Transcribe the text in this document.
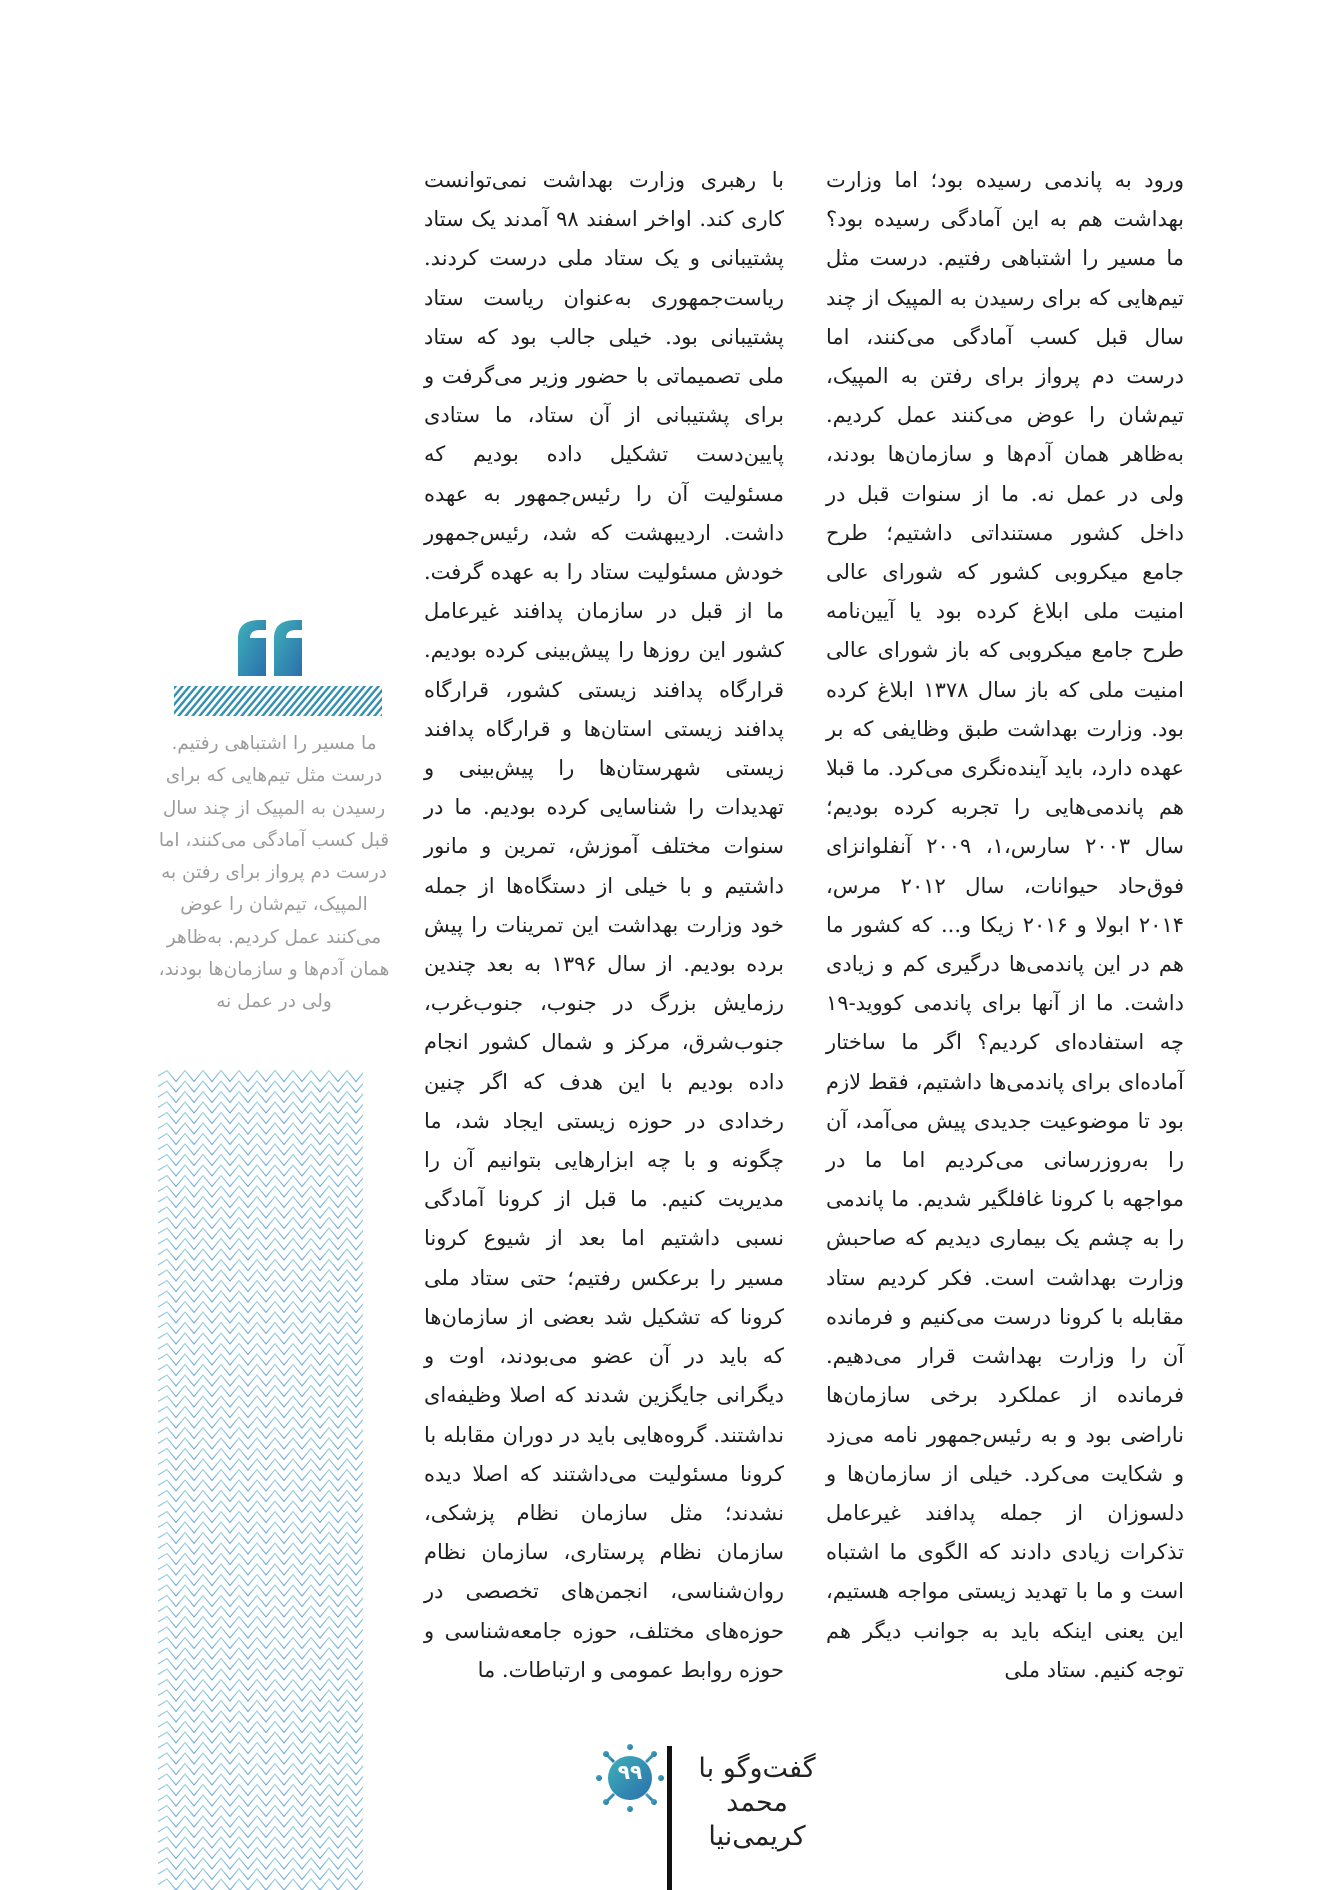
ورود به پاندمی رسیده بود؛ اما وزارت بهداشت هم به این آمادگی رسیده بود؟ ما مسیر را اشتباهی رفتیم. درست مثل تیم‌هایی که برای رسیدن به المپیک از چند سال قبل کسب آمادگی می‌کنند، اما درست دم پرواز برای رفتن به المپیک، تیم‌شان را عوض می‌کنند عمل کردیم. به‌ظاهر همان آدم‌ها و سازمان‌ها بودند، ولی در عمل نه. ما از سنوات قبل در داخل کشور مستنداتی داشتیم؛ طرح جامع میکروبی کشور که شورای عالی امنیت ملی ابلاغ کرده بود یا آیین‌نامه طرح جامع میکروبی که باز شورای عالی امنیت ملی که باز سال ۱۳۷۸ ابلاغ کرده بود. وزارت بهداشت طبق وظایفی که بر عهده دارد، باید آینده‌نگری می‌کرد. ما قبلا هم پاندمی‌هایی را تجربه کرده بودیم؛ سال ۲۰۰۳ سارس،۱، ۲۰۰۹ آنفلوانزای فوق‌حاد حیوانات، سال ۲۰۱۲ مرس، ۲۰۱۴ ابولا و ۲۰۱۶ زیکا و... که کشور ما هم در این پاندمی‌ها درگیری کم و زیادی داشت. ما از آنها برای پاندمی کووید-۱۹ چه استفاده‌ای کردیم؟ اگر ما ساختار آماده‌ای برای پاندمی‌ها داشتیم، فقط لازم بود تا موضوعیت جدیدی پیش می‌آمد، آن را به‌روزرسانی می‌کردیم اما ما در مواجهه با کرونا غافلگیر شدیم. ما پاندمی را به چشم یک بیماری دیدیم که صاحبش وزارت بهداشت است. فکر کردیم ستاد مقابله با کرونا درست می‌کنیم و فرمانده آن را وزارت بهداشت قرار می‌دهیم. فرمانده از عملکرد برخی سازمان‌ها ناراضی بود و به رئیس‌جمهور نامه می‌زد و شکایت می‌کرد. خیلی از سازمان‌ها و دلسوزان از جمله پدافند غیرعامل تذکرات زیادی دادند که الگوی ما اشتباه است و ما با تهدید زیستی مواجه هستیم، این یعنی اینکه باید به جوانب دیگر هم توجه کنیم. ستاد ملی

با رهبری وزارت بهداشت نمی‌توانست کاری کند. اواخر اسفند ۹۸ آمدند یک ستاد پشتیبانی و یک ستاد ملی درست کردند. ریاست‌جمهوری به‌عنوان ریاست ستاد پشتیبانی بود. خیلی جالب بود که ستاد ملی تصمیماتی با حضور وزیر می‌گرفت و برای پشتیبانی از آن ستاد، ما ستادی پایین‌دست تشکیل داده بودیم که مسئولیت آن را رئیس‌جمهور به عهده داشت. اردیبهشت که شد، رئیس‌جمهور خودش مسئولیت ستاد را به عهده گرفت. ما از قبل در سازمان پدافند غیرعامل کشور این روزها را پیش‌بینی کرده بودیم. قرارگاه پدافند زیستی کشور، قرارگاه پدافند زیستی استان‌ها و قرارگاه پدافند زیستی شهرستان‌ها را پیش‌بینی و تهدیدات را شناسایی کرده بودیم. ما در سنوات مختلف آموزش، تمرین و مانور داشتیم و با خیلی از دستگاه‌ها از جمله خود وزارت بهداشت این تمرینات را پیش برده بودیم. از سال ۱۳۹۶ به بعد چندین رزمایش بزرگ در جنوب، جنوب‌غرب، جنوب‌شرق، مرکز و شمال کشور انجام داده بودیم با این هدف که اگر چنین رخدادی در حوزه زیستی ایجاد شد، ما چگونه و با چه ابزارهایی بتوانیم آن را مدیریت کنیم. ما قبل از کرونا آمادگی نسبی داشتیم اما بعد از شیوع کرونا مسیر را برعکس رفتیم؛ حتی ستاد ملی کرونا که تشکیل شد بعضی از سازمان‌ها که باید در آن عضو می‌بودند، اوت و دیگرانی جایگزین شدند که اصلا وظیفه‌ای نداشتند. گروه‌هایی باید در دوران مقابله با کرونا مسئولیت می‌داشتند که اصلا دیده نشدند؛ مثل سازمان نظام پزشکی، سازمان نظام پرستاری، سازمان نظام روان‌شناسی، انجمن‌های تخصصی در حوزه‌های مختلف، حوزه جامعه‌شناسی و حوزه روابط عمومی و ارتباطات. ما

ما مسیر را اشتباهی رفتیم. درست مثل تیم‌هایی که برای رسیدن به المپیک از چند سال قبل کسب آمادگی می‌کنند، اما درست دم پرواز برای رفتن به المپیک، تیم‌شان را عوض می‌کنند عمل کردیم. به‌ظاهر همان آدم‌ها و سازمان‌ها بودند، ولی در عمل نه
گفت‌وگو با
محمد کریمی‌نیا
۹۹
